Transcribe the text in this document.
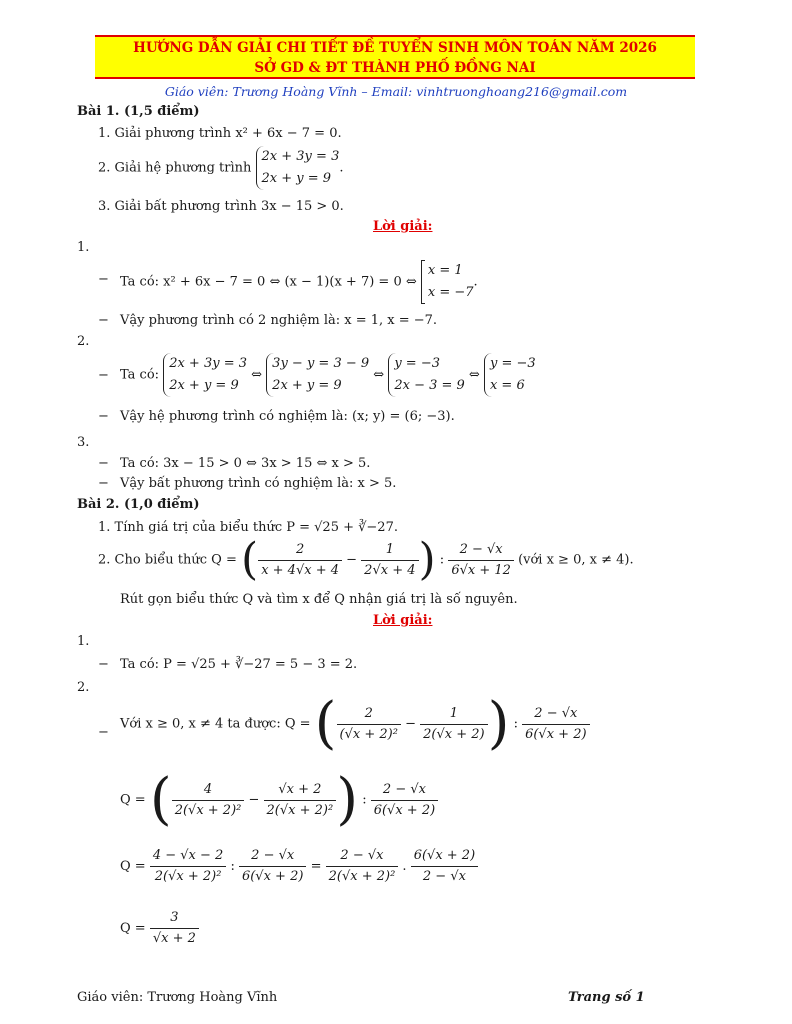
HƯỚNG DẪN GIẢI CHI TIẾT ĐỀ TUYỂN SINH MÔN TOÁN NĂM 2026
SỞ GD & ĐT THÀNH PHỐ ĐỒNG NAI
Giáo viên: Trương Hoàng Vĩnh – Email: vinhtruonghoang216@gmail.com
Bài 1. (1,5 điểm)
1. Giải phương trình x² + 6x − 7 = 0.
2. Giải hệ phương trình
2x + 3y = 3
2x + y = 9
.
3. Giải bất phương trình 3x − 15 > 0.
Lời giải:
1.
− Ta có: x² + 6x − 7 = 0 ⇔ (x − 1)(x + 7) = 0 ⇔
x = 1
x = −7
.
− Vậy phương trình có 2 nghiệm là: x = 1, x = −7.
2.
− Ta có:
2x + 3y = 3
2x + y = 9
⇔
3y − y = 3 − 9
2x + y = 9
⇔
y = −3
2x − 3 = 9
⇔
y = −3
x = 6
− Vậy hệ phương trình có nghiệm là: (x; y) = (6; −3).
3.
− Ta có: 3x − 15 > 0 ⇔ 3x > 15 ⇔ x > 5.
− Vậy bất phương trình có nghiệm là: x > 5.
Bài 2. (1,0 điểm)
1. Tính giá trị của biểu thức P = √25 + ∛−27.
2. Cho biểu thức Q = ( $\frac{2}{x + 4√x + 4} - \frac{1}{2√x + 4}$ ) : $\frac{2 - √x}{6√x + 12}$ (với x ≥ 0, x ≠ 4).
Rút gọn biểu thức Q và tìm x để Q nhận giá trị là số nguyên.
Lời giải:
1.
− Ta có: P = √25 + ∛−27 = 5 − 3 = 2.
2.
−
Với x ≥ 0, x ≠ 4 ta được: Q = ( $\frac{2}{\text{(√x + 2)²}} - \frac{1}{2(√x + 2)}$ ) : $\frac{2 - √x}{6(√x + 2)}$
Q = ( $\frac{4}{\text{2(√x + 2)²}} - \frac{√x + 2}{\text{2(√x + 2)²}}$ ) : $\frac{2 - √x}{6(√x + 2)}$
$Q = \frac{4 - √x - 2}{\text{2(√x + 2)²}}$ : $\frac{2 - √x}{6(√x + 2)} = \frac{2 - √x}{\text{2(√x + 2)²}}$ . $\frac{6(√x + 2)}{2 - √x}$
$Q = \frac{3}{√x + 2}$
Giáo viên: Trương Hoàng Vĩnh	Trang số 1
